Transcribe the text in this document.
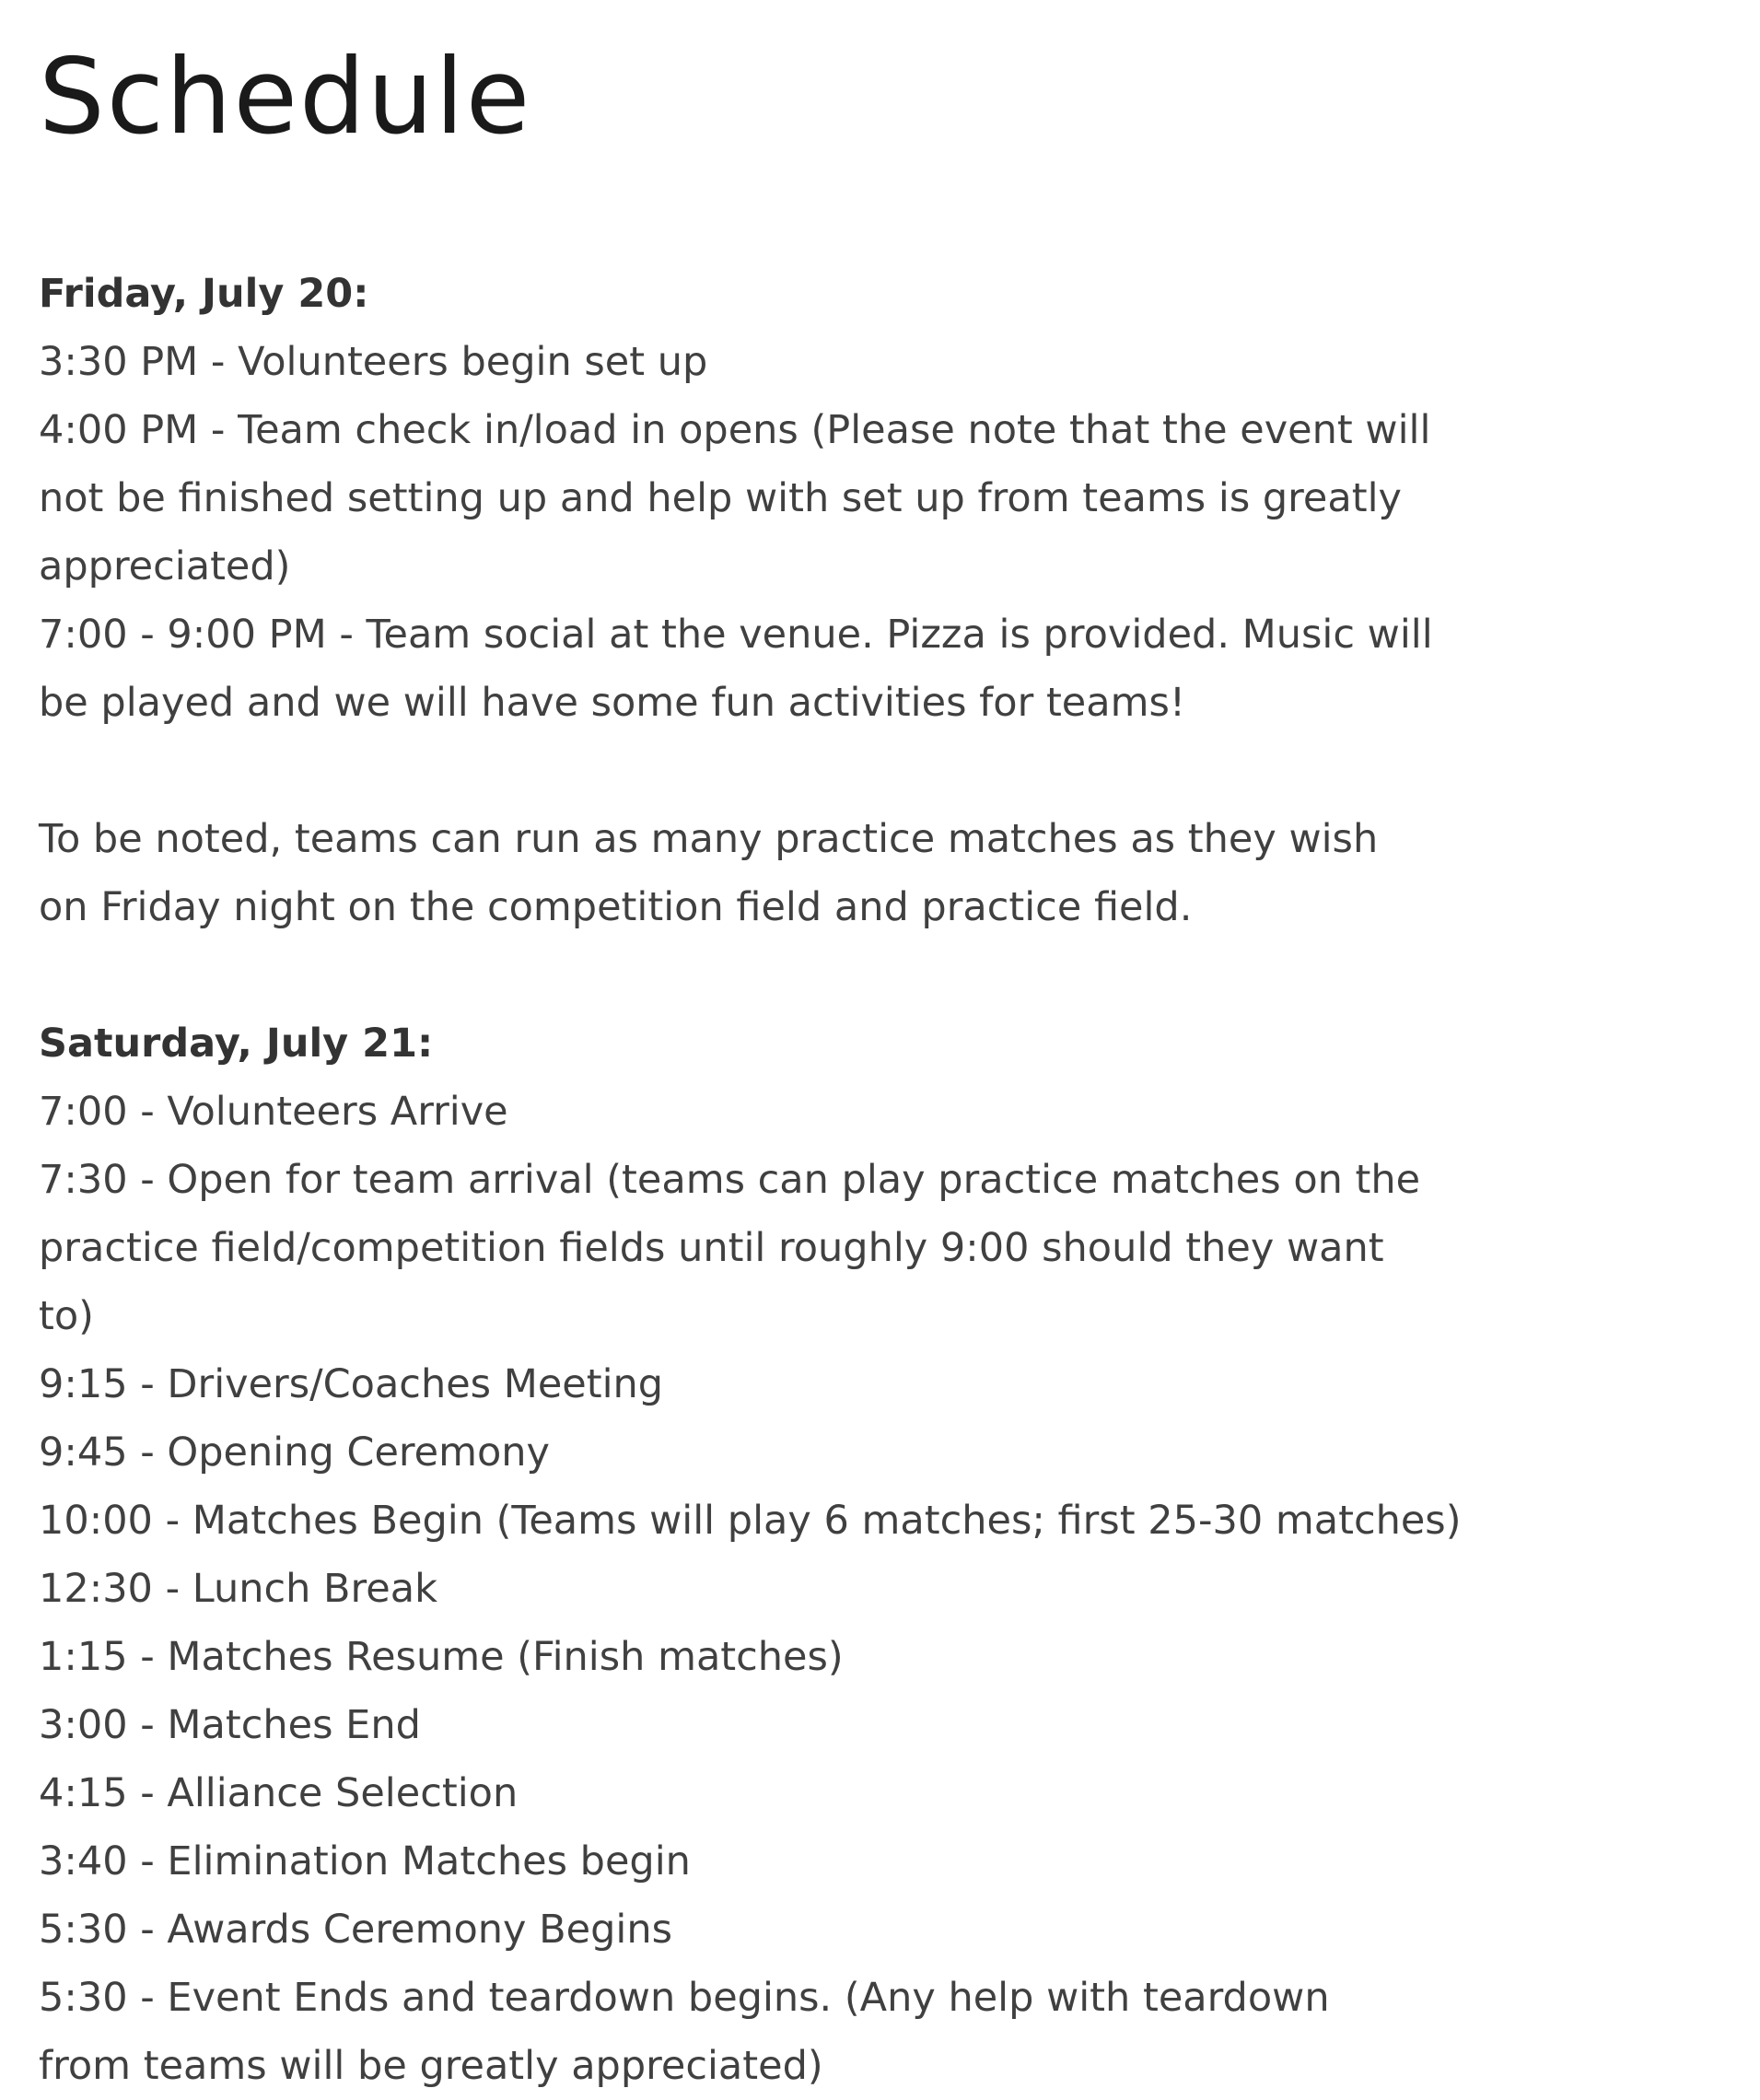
Schedule
Friday, July 20:
3:30 PM - Volunteers begin set up
4:00 PM - Team check in/load in opens (Please note that the event will not be finished setting up and help with set up from teams is greatly appreciated)
7:00 - 9:00 PM - Team social at the venue. Pizza is provided. Music will be played and we will have some fun activities for teams!

To be noted, teams can run as many practice matches as they wish on Friday night on the competition field and practice field.

Saturday, July 21:
7:00 - Volunteers Arrive
7:30 - Open for team arrival (teams can play practice matches on the practice field/competition fields until roughly 9:00 should they want to)
9:15 - Drivers/Coaches Meeting
9:45 - Opening Ceremony
10:00 - Matches Begin (Teams will play 6 matches; first 25-30 matches)
12:30 - Lunch Break
1:15 - Matches Resume (Finish matches)
3:00 - Matches End
4:15 - Alliance Selection
3:40 - Elimination Matches begin
5:30 - Awards Ceremony Begins
5:30 - Event Ends and teardown begins. (Any help with teardown from teams will be greatly appreciated)
